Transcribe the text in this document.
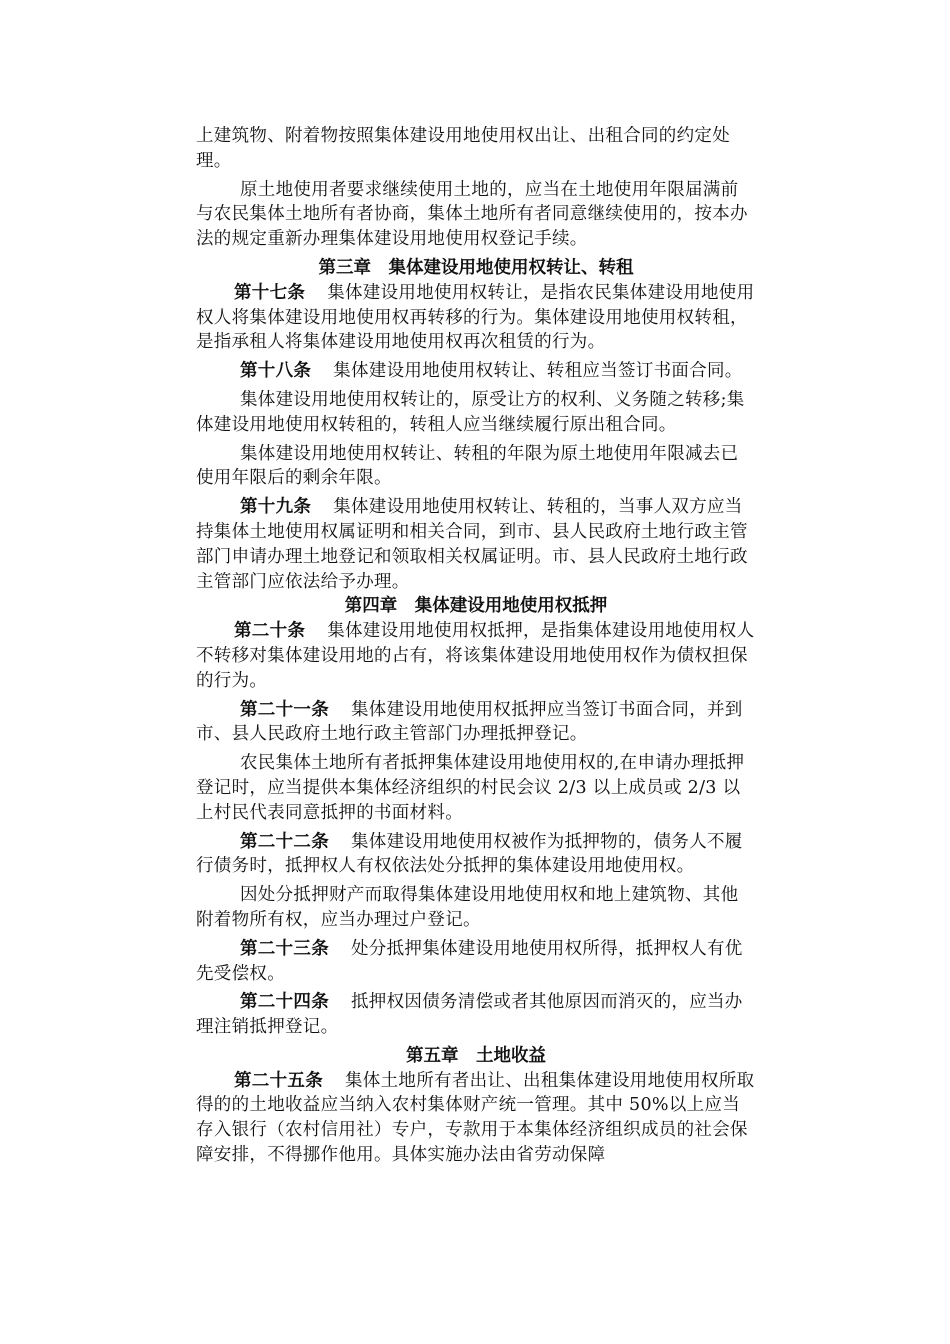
上建筑物、附着物按照集体建设用地使用权出让、出租合同的约定处理。

原土地使用者要求继续使用土地的，应当在土地使用年限届满前与农民集体土地所有者协商，集体土地所有者同意继续使用的，按本办法的规定重新办理集体建设用地使用权登记手续。

第三章　集体建设用地使用权转让、转租

第十七条 集体建设用地使用权转让，是指农民集体建设用地使用权人将集体建设用地使用权再转移的行为。集体建设用地使用权转租，是指承租人将集体建设用地使用权再次租赁的行为。

第十八条 集体建设用地使用权转让、转租应当签订书面合同。

集体建设用地使用权转让的，原受让方的权利、义务随之转移;集体建设用地使用权转租的，转租人应当继续履行原出租合同。

集体建设用地使用权转让、转租的年限为原土地使用年限减去已使用年限后的剩余年限。

第十九条 集体建设用地使用权转让、转租的，当事人双方应当持集体土地使用权属证明和相关合同，到市、县人民政府土地行政主管部门申请办理土地登记和领取相关权属证明。市、县人民政府土地行政主管部门应依法给予办理。

第四章　集体建设用地使用权抵押

第二十条 集体建设用地使用权抵押，是指集体建设用地使用权人不转移对集体建设用地的占有，将该集体建设用地使用权作为债权担保的行为。

第二十一条 集体建设用地使用权抵押应当签订书面合同，并到市、县人民政府土地行政主管部门办理抵押登记。

农民集体土地所有者抵押集体建设用地使用权的,在申请办理抵押登记时，应当提供本集体经济组织的村民会议 2/3 以上成员或 2/3 以上村民代表同意抵押的书面材料。

第二十二条 集体建设用地使用权被作为抵押物的，债务人不履行债务时，抵押权人有权依法处分抵押的集体建设用地使用权。

因处分抵押财产而取得集体建设用地使用权和地上建筑物、其他附着物所有权，应当办理过户登记。

第二十三条 处分抵押集体建设用地使用权所得，抵押权人有优先受偿权。

第二十四条 抵押权因债务清偿或者其他原因而消灭的，应当办理注销抵押登记。

第五章　土地收益

第二十五条 集体土地所有者出让、出租集体建设用地使用权所取得的的土地收益应当纳入农村集体财产统一管理。其中 50%以上应当存入银行（农村信用社）专户，专款用于本集体经济组织成员的社会保障安排，不得挪作他用。具体实施办法由省劳动保障
